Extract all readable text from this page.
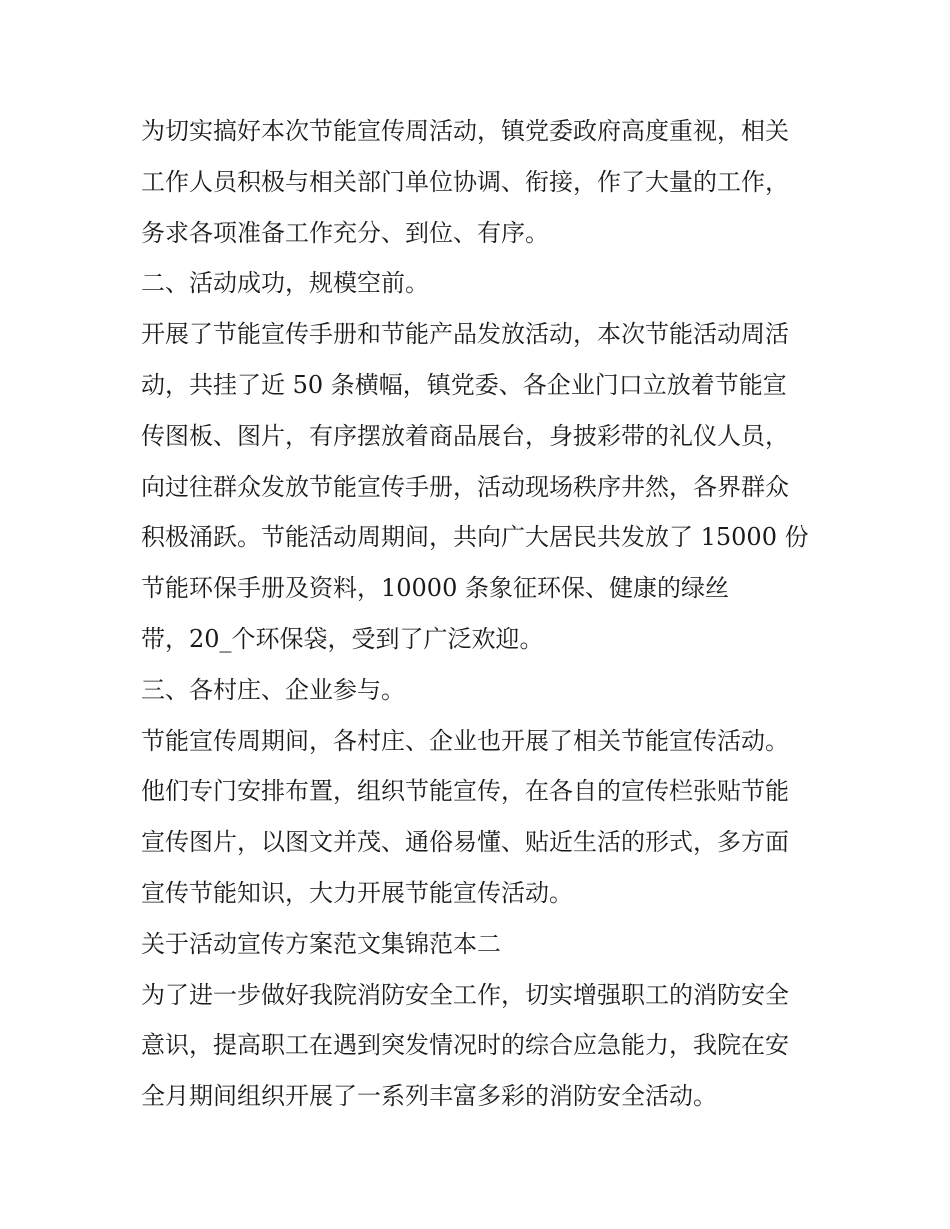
为切实搞好本次节能宣传周活动，镇党委政府高度重视，相关
工作人员积极与相关部门单位协调、衔接，作了大量的工作，
务求各项准备工作充分、到位、有序。
二、活动成功，规模空前。
开展了节能宣传手册和节能产品发放活动，本次节能活动周活
动，共挂了近 50 条横幅，镇党委、各企业门口立放着节能宣
传图板、图片，有序摆放着商品展台，身披彩带的礼仪人员，
向过往群众发放节能宣传手册，活动现场秩序井然，各界群众
积极涌跃。节能活动周期间，共向广大居民共发放了 15000 份
节能环保手册及资料，10000 条象征环保、健康的绿丝
带，20_个环保袋，受到了广泛欢迎。
三、各村庄、企业参与。
节能宣传周期间，各村庄、企业也开展了相关节能宣传活动。
他们专门安排布置，组织节能宣传，在各自的宣传栏张贴节能
宣传图片，以图文并茂、通俗易懂、贴近生活的形式，多方面
宣传节能知识，大力开展节能宣传活动。
关于活动宣传方案范文集锦范本二
为了进一步做好我院消防安全工作，切实增强职工的消防安全
意识，提高职工在遇到突发情况时的综合应急能力，我院在安
全月期间组织开展了一系列丰富多彩的消防安全活动。
